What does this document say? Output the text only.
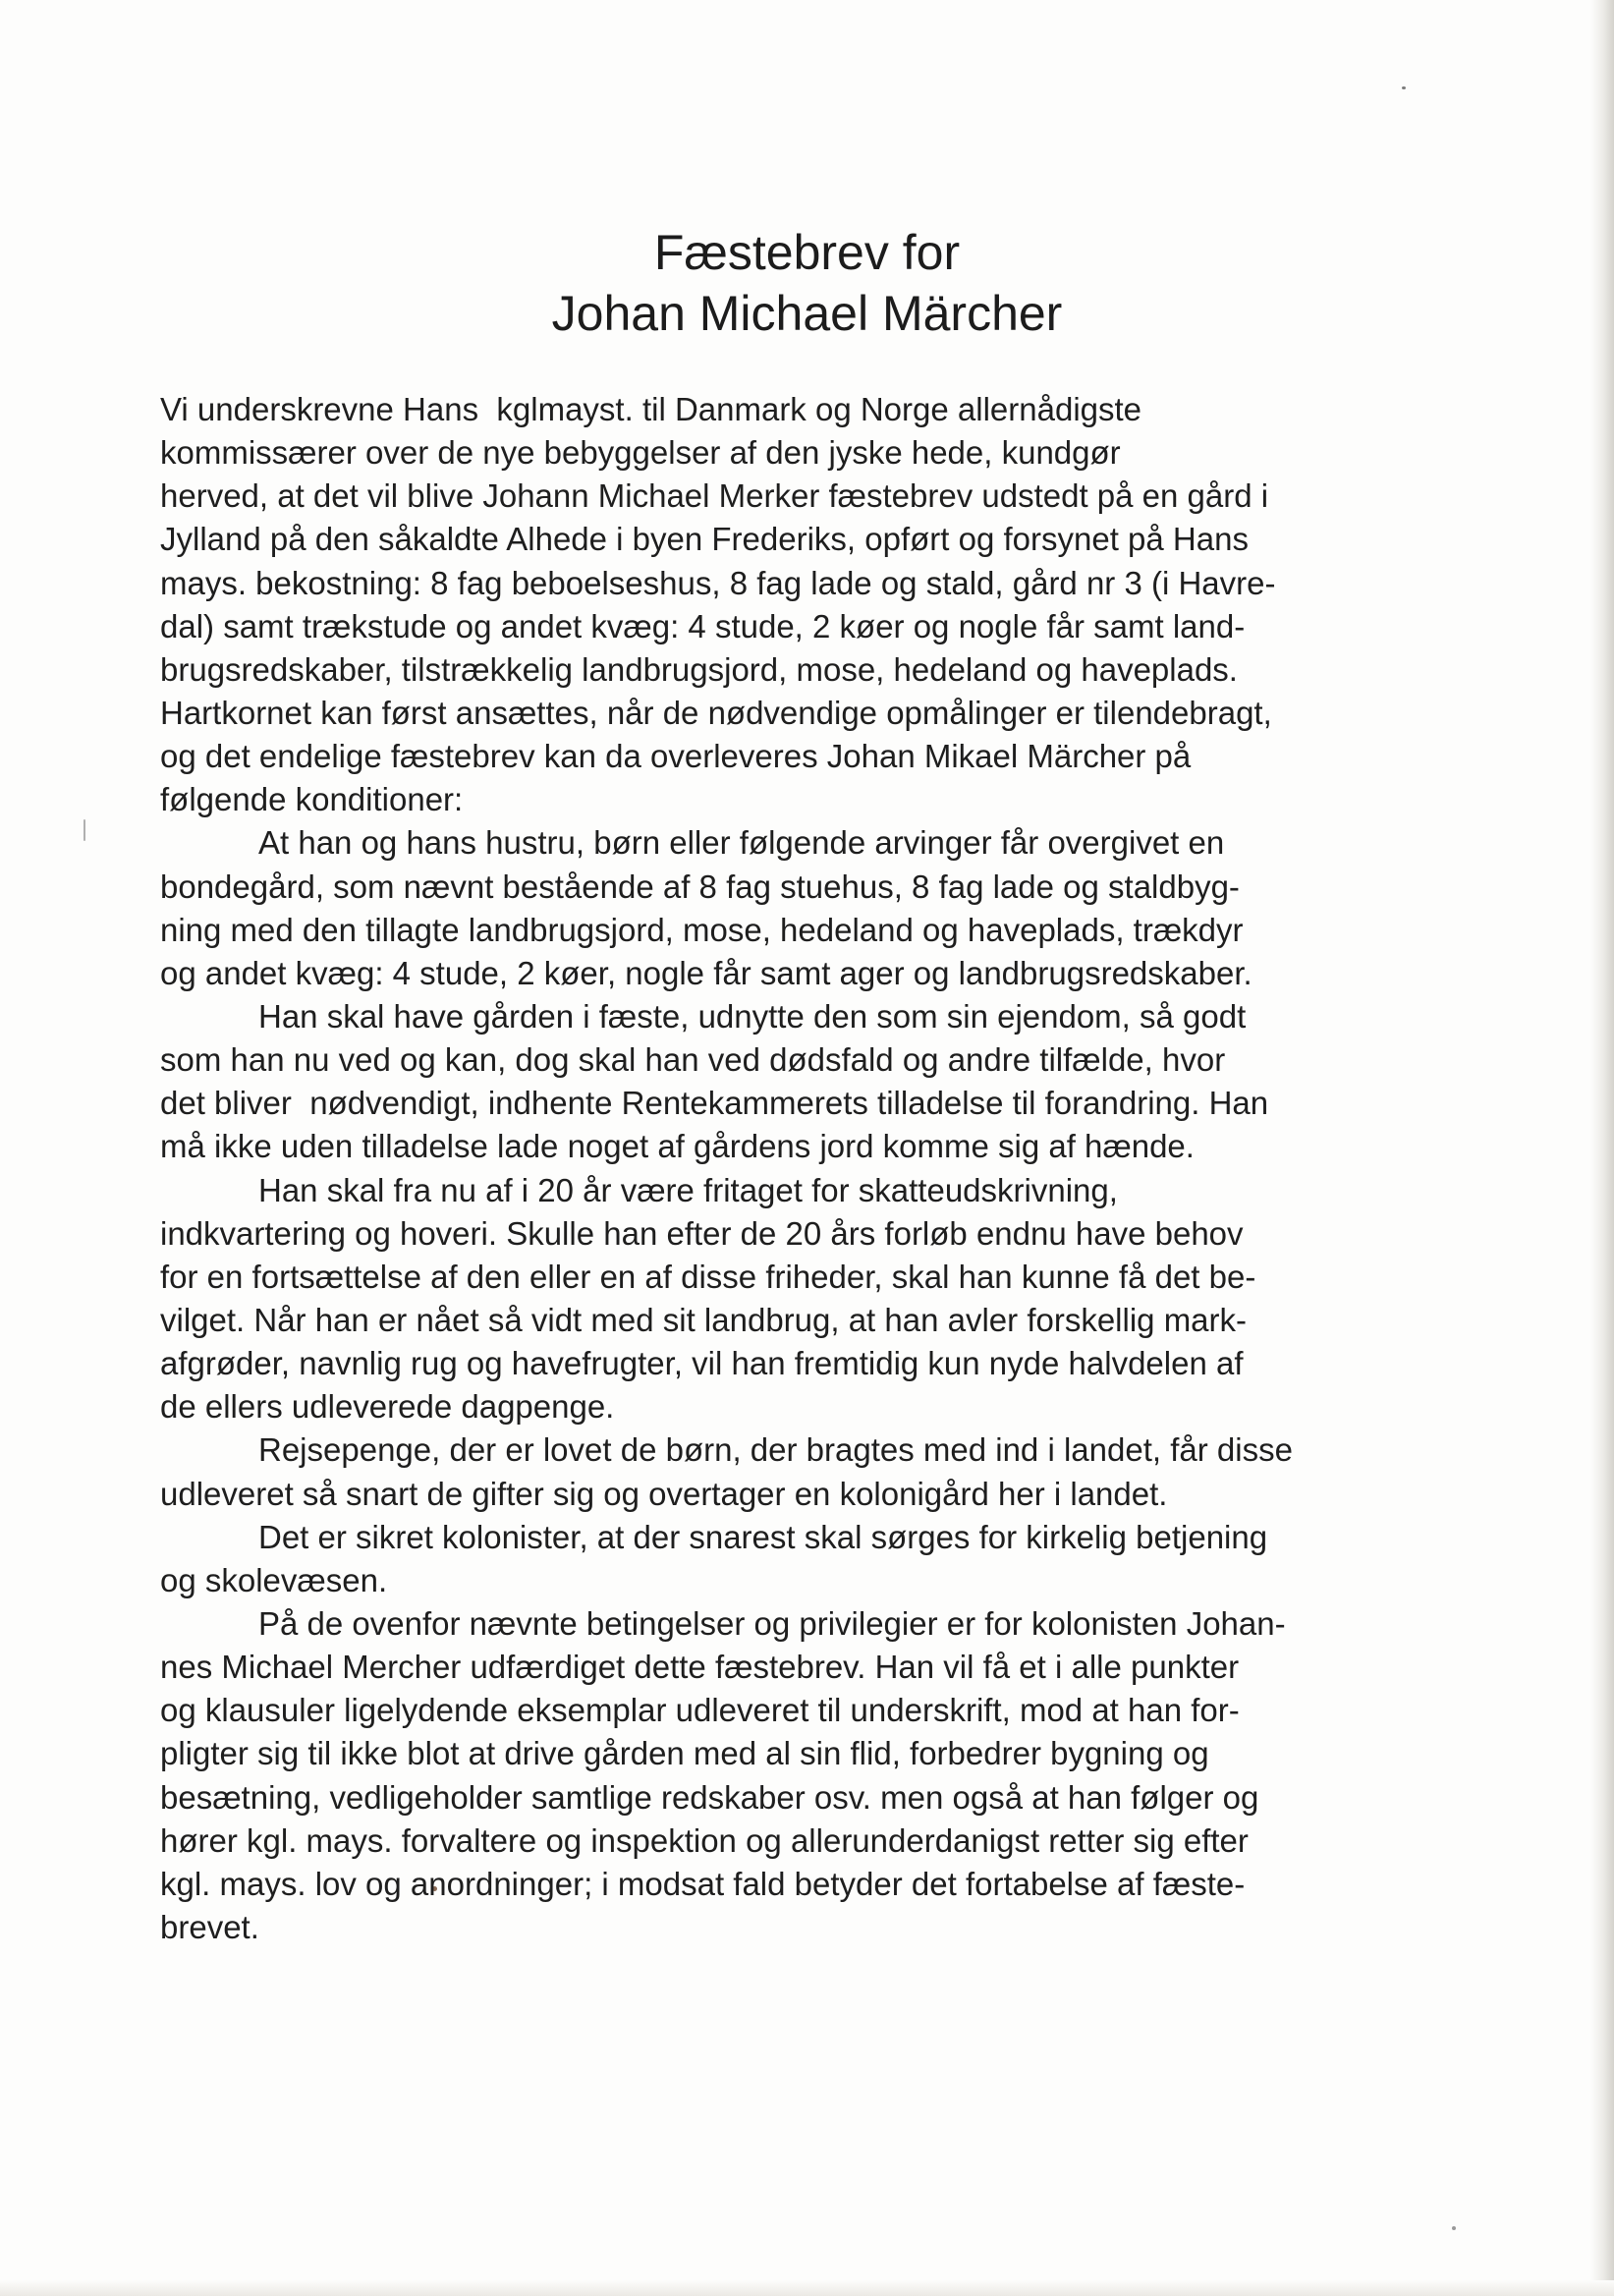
Fæstebrev for
Johan Michael Märcher
Vi underskrevne Hans  kglmayst. til Danmark og Norge allernådigste
kommissærer over de nye bebyggelser af den jyske hede, kundgør
herved, at det vil blive Johann Michael Merker fæstebrev udstedt på en gård i
Jylland på den såkaldte Alhede i byen Frederiks, opført og forsynet på Hans
mays. bekostning: 8 fag beboelseshus, 8 fag lade og stald, gård nr 3 (i Havre-
dal) samt trækstude og andet kvæg: 4 stude, 2 køer og nogle får samt land-
brugsredskaber, tilstrækkelig landbrugsjord, mose, hedeland og haveplads.
Hartkornet kan først ansættes, når de nødvendige opmålinger er tilendebragt,
og det endelige fæstebrev kan da overleveres Johan Mikael Märcher på
følgende konditioner:
At han og hans hustru, børn eller følgende arvinger får overgivet en
bondegård, som nævnt bestående af 8 fag stuehus, 8 fag lade og staldbyg-
ning med den tillagte landbrugsjord, mose, hedeland og haveplads, trækdyr
og andet kvæg: 4 stude, 2 køer, nogle får samt ager og landbrugsredskaber.
Han skal have gården i fæste, udnytte den som sin ejendom, så godt
som han nu ved og kan, dog skal han ved dødsfald og andre tilfælde, hvor
det bliver  nødvendigt, indhente Rentekammerets tilladelse til forandring. Han
må ikke uden tilladelse lade noget af gårdens jord komme sig af hænde.
Han skal fra nu af i 20 år være fritaget for skatteudskrivning,
indkvartering og hoveri. Skulle han efter de 20 års forløb endnu have behov
for en fortsættelse af den eller en af disse friheder, skal han kunne få det be-
vilget. Når han er nået så vidt med sit landbrug, at han avler forskellig mark-
afgrøder, navnlig rug og havefrugter, vil han fremtidig kun nyde halvdelen af
de ellers udleverede dagpenge.
Rejsepenge, der er lovet de børn, der bragtes med ind i landet, får disse
udleveret så snart de gifter sig og overtager en kolonigård her i landet.
Det er sikret kolonister, at der snarest skal sørges for kirkelig betjening
og skolevæsen.
På de ovenfor nævnte betingelser og privilegier er for kolonisten Johan-
nes Michael Mercher udfærdiget dette fæstebrev. Han vil få et i alle punkter
og klausuler ligelydende eksemplar udleveret til underskrift, mod at han for-
pligter sig til ikke blot at drive gården med al sin flid, forbedrer bygning og
besætning, vedligeholder samtlige redskaber osv. men også at han følger og
hører kgl. mays. forvaltere og inspektion og allerunderdanigst retter sig efter
kgl. mays. lov og anordninger; i modsat fald betyder det fortabelse af fæste-
brevet.
